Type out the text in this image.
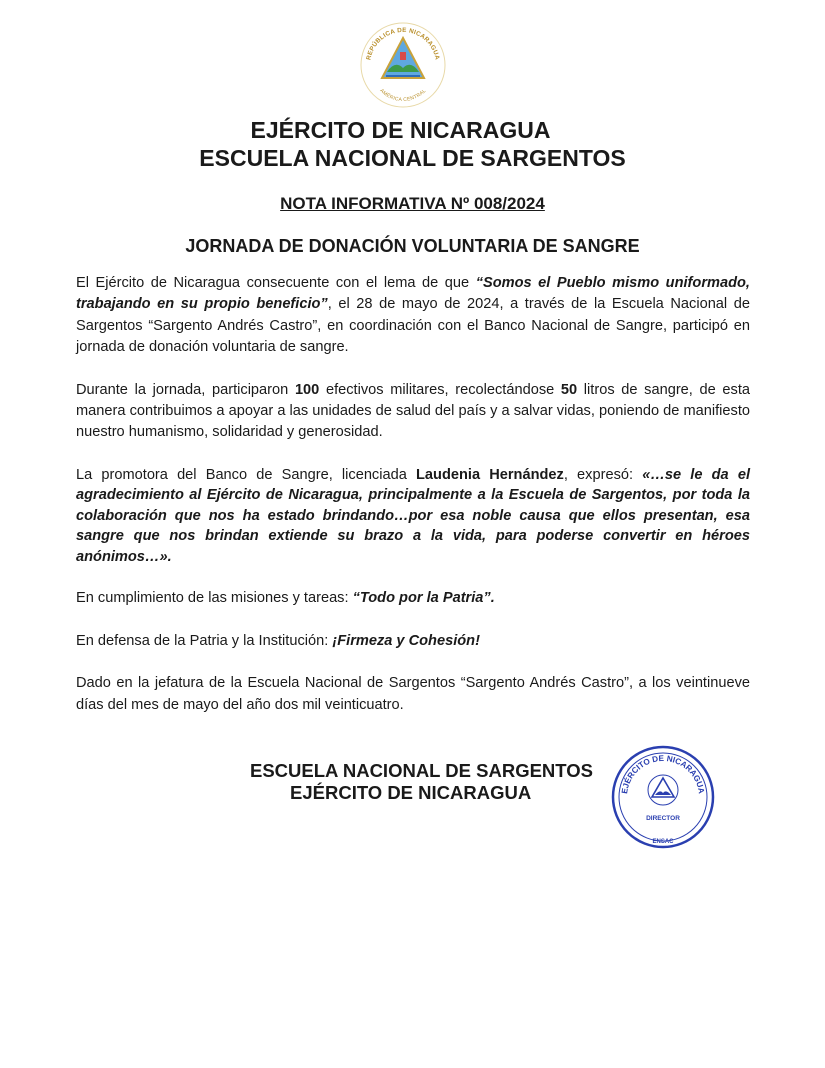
REPÚBLICA DE NICARAGUA
AMÉRICA CENTRAL
EJÉRCITO DE NICARAGUA
ESCUELA NACIONAL DE SARGENTOS
NOTA INFORMATIVA Nº 008/2024
JORNADA DE DONACIÓN VOLUNTARIA DE SANGRE

El Ejército de Nicaragua consecuente con el lema de que “Somos el Pueblo mismo uniformado, trabajando en su propio beneficio”, el 28 de mayo de 2024, a través de la Escuela Nacional de Sargentos “Sargento Andrés Castro”, en coordinación con el Banco Nacional de Sangre, participó en jornada de donación voluntaria de sangre.

Durante la jornada, participaron 100 efectivos militares, recolectándose 50 litros de sangre, de esta manera contribuimos a apoyar a las unidades de salud del país y a salvar vidas, poniendo de manifiesto nuestro humanismo, solidaridad y generosidad.

La promotora del Banco de Sangre, licenciada Laudenia Hernández, expresó: «…se le da el agradecimiento al Ejército de Nicaragua, principalmente a la Escuela de Sargentos, por toda la colaboración que nos ha estado brindando…por esa noble causa que ellos presentan, esa sangre que nos brindan extiende su brazo a la vida, para poderse convertir en héroes anónimos…».

En cumplimiento de las misiones y tareas: “Todo por la Patria”.

En defensa de la Patria y la Institución: ¡Firmeza y Cohesión!

Dado en la jefatura de la Escuela Nacional de Sargentos “Sargento Andrés Castro”, a los veintinueve días del mes de mayo del año dos mil veinticuatro.

ESCUELA NACIONAL DE SARGENTOS
EJÉRCITO DE NICARAGUA	EJÉRCITO DE NICARAGUA
DIRECTOR
ENSAC
